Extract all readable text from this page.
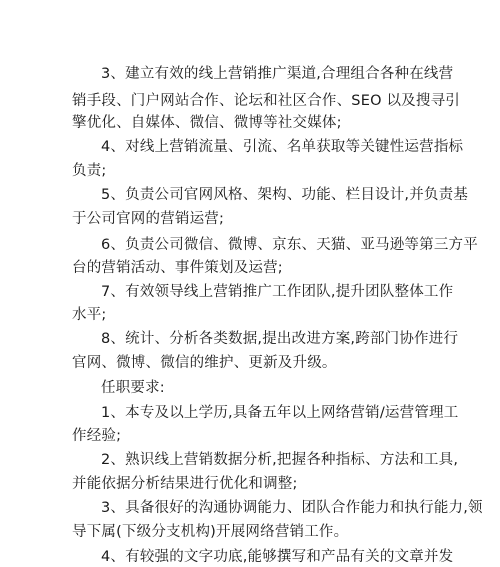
3、建立有效的线上营销推广渠道,合理组合各种在线营
销手段、门户网站合作、论坛和社区合作、SEO 以及搜寻引
擎优化、自媒体、微信、微博等社交媒体;
4、对线上营销流量、引流、名单获取等关键性运营指标
负责;
5、负责公司官网风格、架构、功能、栏目设计,并负责基
于公司官网的营销运营;
6、负责公司微信、微博、京东、天猫、亚马逊等第三方平
台的营销活动、事件策划及运营;
7、有效领导线上营销推广工作团队,提升团队整体工作
水平;
8、统计、分析各类数据,提出改进方案,跨部门协作进行
官网、微博、微信的维护、更新及升级。
任职要求:
1、本专及以上学历,具备五年以上网络营销/运营管理工
作经验;
2、熟识线上营销数据分析,把握各种指标、方法和工具,
并能依据分析结果进行优化和调整;
3、具备很好的沟通协调能力、团队合作能力和执行能力,领
导下属(下级分支机构)开展网络营销工作。
4、有较强的文字功底,能够撰写和产品有关的文章并发
